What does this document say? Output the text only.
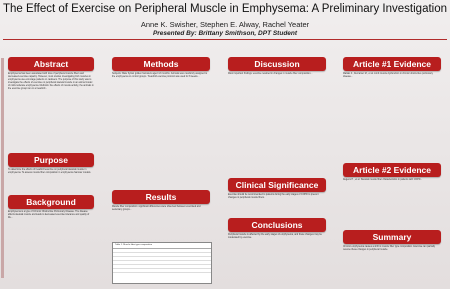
The Effect of Exercise on Peripheral Muscle in Emphysema: A Preliminary Investigation
Anne K. Swisher, Stephen E. Alway, Rachel Yeater
Presented By: Brittany Smithson, DPT Student
Abstract
Emphysema has been associated with loss of peripheral muscle fibers and decreased exercise capacity. However, most studies investigating limb muscles in emphysema use end-stage patients or cadavers. The purpose of this study was to investigate the effects of exercise on peripheral skeletal muscle in an animal model of mild-moderate emphysema. Methods: the effects of muscle activity, the animals in the exercise group ran on a treadmill...
Purpose
To determine the effects of treadmill exercise on peripheral skeletal muscle in emphysema. To assess muscle fiber composition in emphysema hamster models.
Background
Emphysema is a type of Chronic Obstructive Pulmonary Disease. The disease affects skeletal muscle and leads to decreased exercise tolerance and quality of life...
Methods
Subjects: Male Syrian golden hamsters aged 4-6 months. Animals were randomly assigned to the emphysema or control groups. Treadmill exercise protocol was used for 8 weeks...
Results
Muscle fiber composition: significant differences were observed between exercised and sedentary groups...
Table 1. Muscle fiber type composition
Discussion
Most important findings: exercise resulted in changes in muscle fiber composition...
Clinical Significance
Exercise should be recommended to patients during the early stages of COPD to prevent changes in peripheral muscle fibers.
Conclusions
Peripheral muscle is affected by the early stages of emphysema, and these changes may be moderated by exercise.
Article #1 Evidence
Maltais F., Decramer M., et al. Limb muscle dysfunction in chronic obstructive pulmonary disease...
Article #2 Evidence
Degens H., et al. Skeletal muscle fiber characteristics in patients with COPD...
Summary
Chronic emphysema causes a shift in muscle fiber type composition. Exercise can partially reverse these changes in peripheral muscle.
